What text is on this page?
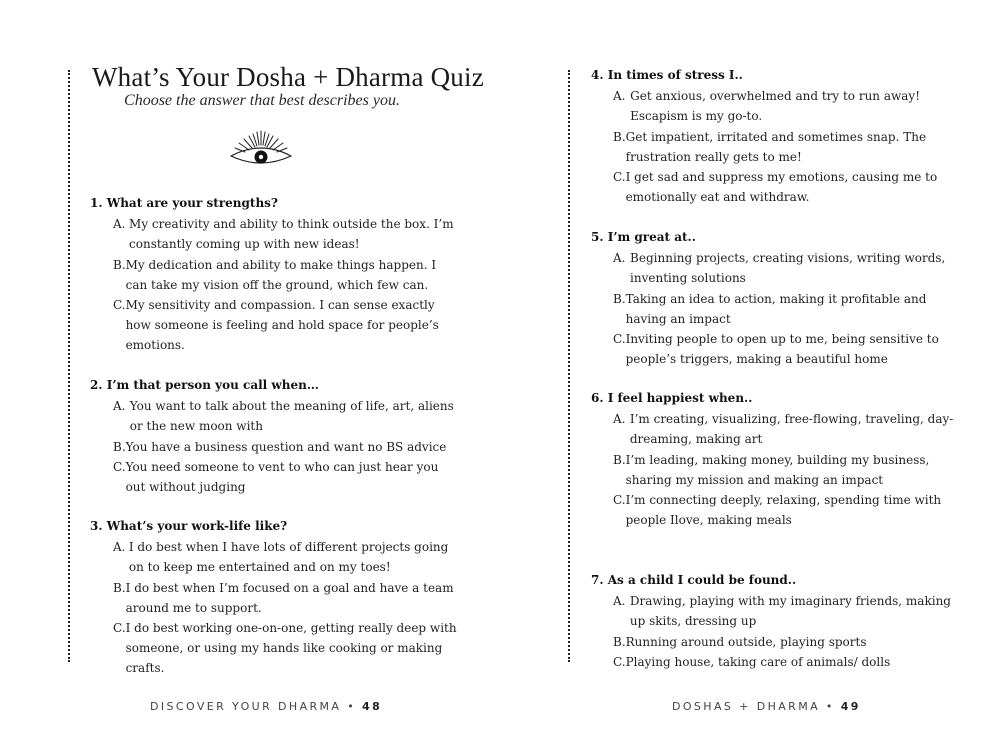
What’s Your Dosha + Dharma Quiz
Choose the answer that best describes you.
1. What are your strengths?
A. My creativity and ability to think outside the box. I’m constantly coming up with new ideas!
B. My dedication and ability to make things happen. I can take my vision off the ground, which few can.
C. My sensitivity and compassion. I can sense exactly how someone is feeling and hold space for people’s emotions.
2. I’m that person you call when…
A. You want to talk about the meaning of life, art, aliens or the new moon with
B. You have a business question and want no BS advice
C. You need someone to vent to who can just hear you out without judging
3. What’s your work-life like?
A. I do best when I have lots of different projects going on to keep me entertained and on my toes!
B. I do best when I’m focused on a goal and have a team around me to support.
C. I do best working one-on-one, getting really deep with someone, or using my hands like cooking or making crafts.
DISCOVER YOUR DHARMA • 48
4. In times of stress I..
A. Get anxious, overwhelmed and try to run away! Escapism is my go-to.
B. Get impatient, irritated and sometimes snap. The frustration really gets to me!
C. I get sad and suppress my emotions, causing me to emotionally eat and withdraw.
5. I’m great at..
A. Beginning projects, creating visions, writing words, inventing solutions
B. Taking an idea to action, making it profitable and having an impact
C. Inviting people to open up to me, being sensitive to people’s triggers, making a beautiful home
6. I feel happiest when..
A. I’m creating, visualizing, free-flowing, traveling, day-dreaming, making art
B. I’m leading, making money, building my business, sharing my mission and making an impact
C. I’m connecting deeply, relaxing, spending time with people Ilove, making meals
7. As a child I could be found..
A. Drawing, playing with my imaginary friends, making up skits, dressing up
B. Running around outside, playing sports
C. Playing house, taking care of animals/ dolls
DOSHAS + DHARMA • 49
